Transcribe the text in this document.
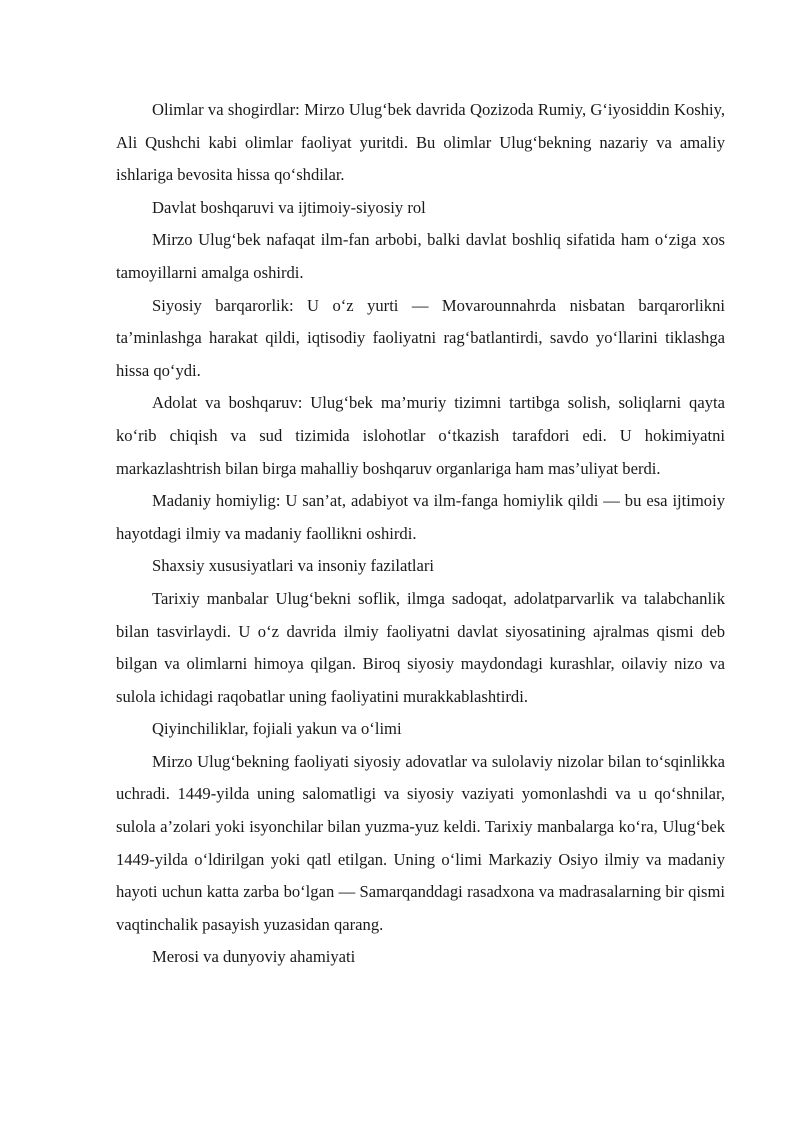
Olimlar va shogirdlar: Mirzo Ulug‘bek davrida Qozizoda Rumiy, G‘iyosiddin Koshiy, Ali Qushchi kabi olimlar faoliyat yuritdi. Bu olimlar Ulug‘bekning nazariy va amaliy ishlariga bevosita hissa qo‘shdilar.

Davlat boshqaruvi va ijtimoiy-siyosiy rol

Mirzo Ulug‘bek nafaqat ilm-fan arbobi, balki davlat boshliq sifatida ham o‘ziga xos tamoyillarni amalga oshirdi.

Siyosiy barqarorlik: U o‘z yurti — Movarounnahrda nisbatan barqarorlikni ta’minlashga harakat qildi, iqtisodiy faoliyatni rag‘batlantirdi, savdo yo‘llarini tiklashga hissa qo‘ydi.

Adolat va boshqaruv: Ulug‘bek ma’muriy tizimni tartibga solish, soliqlarni qayta ko‘rib chiqish va sud tizimida islohotlar o‘tkazish tarafdori edi. U hokimiyatni markazlashtrish bilan birga mahalliy boshqaruv organlariga ham mas’uliyat berdi.

Madaniy homiylig: U san’at, adabiyot va ilm-fanga homiylik qildi — bu esa ijtimoiy hayotdagi ilmiy va madaniy faollikni oshirdi.

Shaxsiy xususiyatlari va insoniy fazilatlari

Tarixiy manbalar Ulug‘bekni soflik, ilmga sadoqat, adolatparvarlik va talabchanlik bilan tasvirlaydi. U o‘z davrida ilmiy faoliyatni davlat siyosatining ajralmas qismi deb bilgan va olimlarni himoya qilgan. Biroq siyosiy maydondagi kurashlar, oilaviy nizo va sulola ichidagi raqobatlar uning faoliyatini murakkablashtirdi.

Qiyinchiliklar, fojiali yakun va o‘limi

Mirzo Ulug‘bekning faoliyati siyosiy adovatlar va sulolaviy nizolar bilan to‘sqinlikka uchradi. 1449-yilda uning salomatligi va siyosiy vaziyati yomonlashdi va u qo‘shnilar, sulola a’zolari yoki isyonchilar bilan yuzma-yuz keldi. Tarixiy manbalarga ko‘ra, Ulug‘bek 1449-yilda o‘ldirilgan yoki qatl etilgan. Uning o‘limi Markaziy Osiyo ilmiy va madaniy hayoti uchun katta zarba bo‘lgan — Samarqanddagi rasadxona va madrasalarning bir qismi vaqtinchalik pasayish yuzasidan qarang.

Merosi va dunyoviy ahamiyati
